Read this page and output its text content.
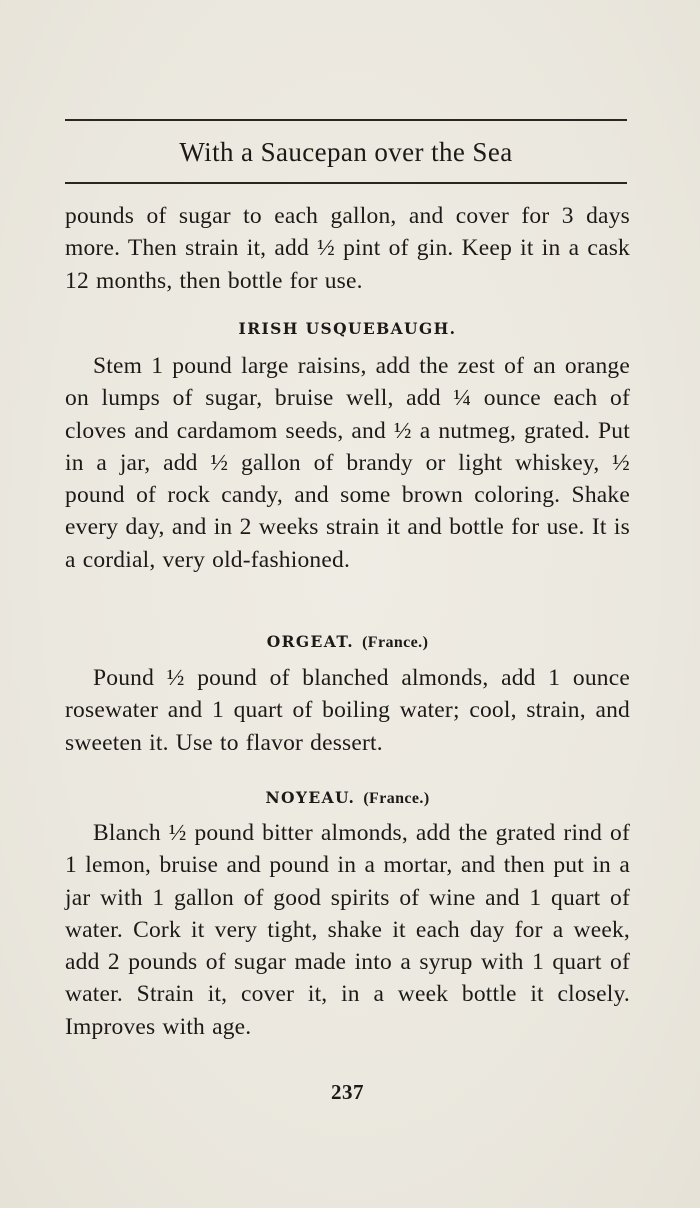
With a Saucepan over the Sea

pounds of sugar to each gallon, and cover for 3 days more. Then strain it, add ½ pint of gin. Keep it in a cask 12 months, then bottle for use.

IRISH USQUEBAUGH.

Stem 1 pound large raisins, add the zest of an orange on lumps of sugar, bruise well, add ¼ ounce each of cloves and cardamom seeds, and ½ a nutmeg, grated. Put in a jar, add ½ gallon of brandy or light whiskey, ½ pound of rock candy, and some brown coloring. Shake every day, and in 2 weeks strain it and bottle for use. It is a cordial, very old-fashioned.

ORGEAT. (France.)

Pound ½ pound of blanched almonds, add 1 ounce rosewater and 1 quart of boiling water; cool, strain, and sweeten it. Use to flavor dessert.

NOYEAU. (France.)

Blanch ½ pound bitter almonds, add the grated rind of 1 lemon, bruise and pound in a mortar, and then put in a jar with 1 gallon of good spirits of wine and 1 quart of water. Cork it very tight, shake it each day for a week, add 2 pounds of sugar made into a syrup with 1 quart of water. Strain it, cover it, in a week bottle it closely. Improves with age.

237
